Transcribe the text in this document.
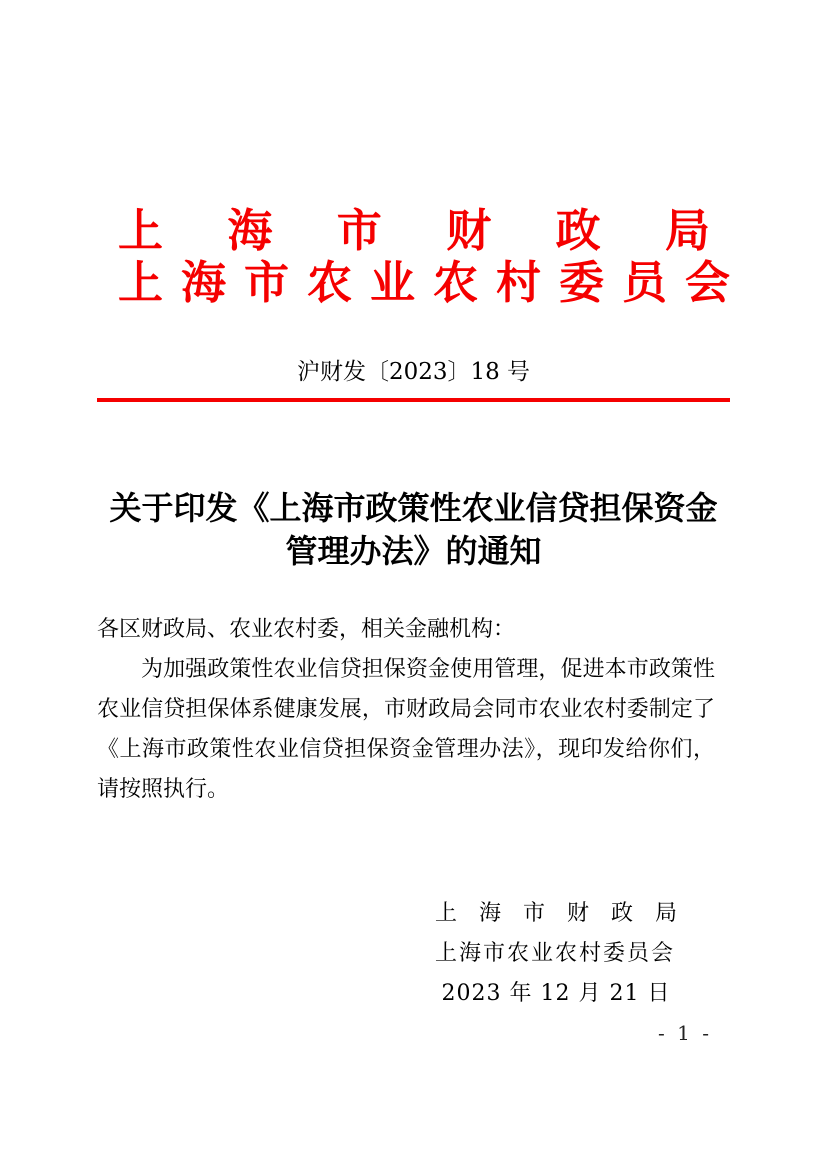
上 海 市 财 政 局
上海市农业农村委员会
沪财发〔2023〕18 号
关于印发《上海市政策性农业信贷担保资金
管理办法》的通知

各区财政局、农业农村委，相关金融机构：

为加强政策性农业信贷担保资金使用管理，促进本市政策性农业信贷担保体系健康发展，市财政局会同市农业农村委制定了《上海市政策性农业信贷担保资金管理办法》，现印发给你们，请按照执行。

上 海 市 财 政 局
上海市农业农村委员会
2023 年 12 月 21 日
- 1 -
